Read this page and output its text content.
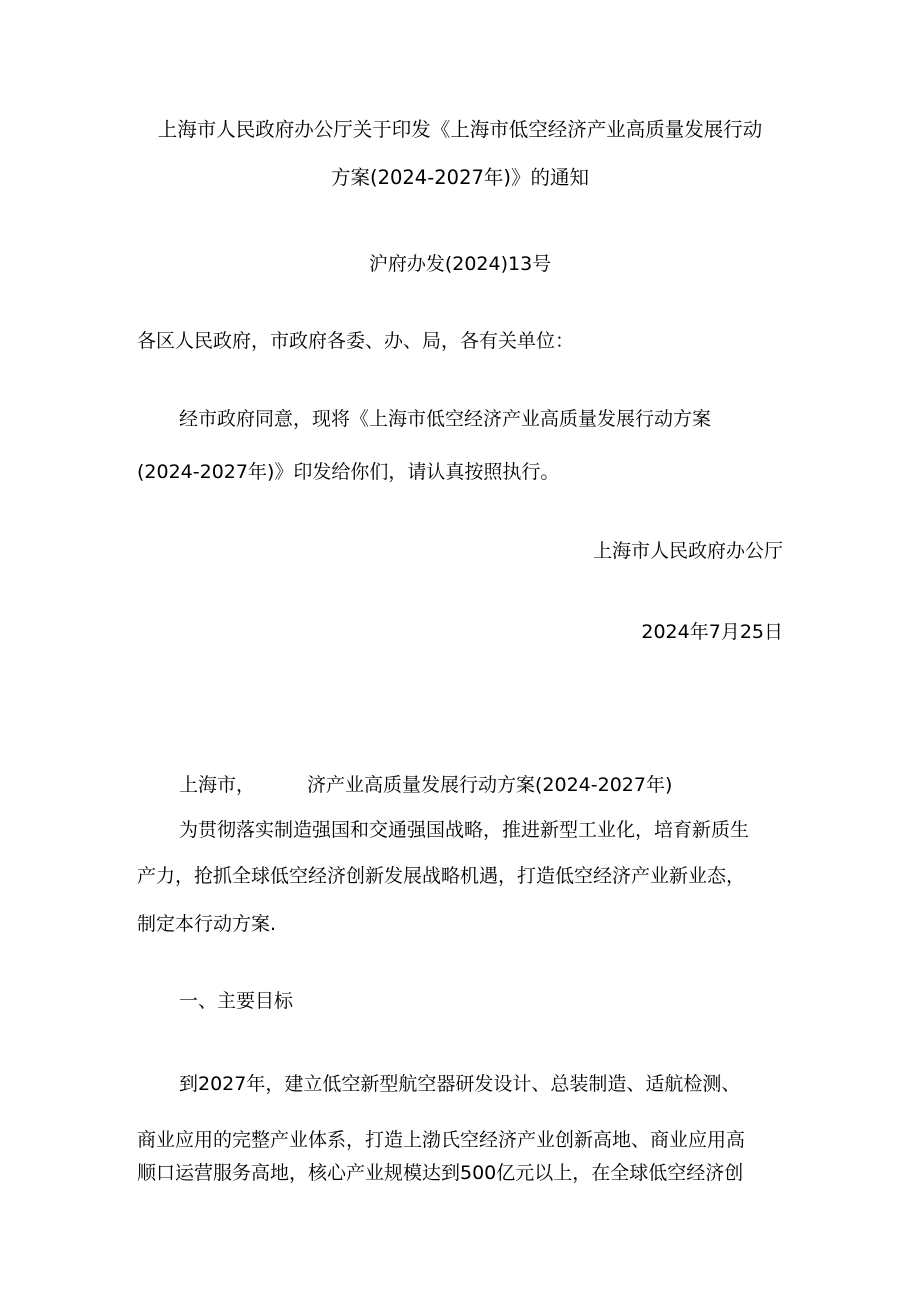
上海市人民政府办公厅关于印发《上海市低空经济产业高质量发展行动

方案(2024-2027年)》的通知

沪府办发(2024)13号

各区人民政府，市政府各委、办、局，各有关单位：

经市政府同意，现将《上海市低空经济产业高质量发展行动方案

(2024-2027年)》印发给你们，请认真按照执行。

上海市人民政府办公厅

2024年7月25日

上海市，	济产业高质量发展行动方案(2024-2027年)

为贯彻落实制造强国和交通强国战略，推进新型工业化，培育新质生

产力，抢抓全球低空经济创新发展战略机遇，打造低空经济产业新业态，

制定本行动方案.

一、主要目标

到2027年，建立低空新型航空器研发设计、总装制造、适航检测、

商业应用的完整产业体系，打造上渤氏空经济产业创新高地、商业应用高

顺口运营服务高地，核心产业规模达到500亿元以上，在全球低空经济创
